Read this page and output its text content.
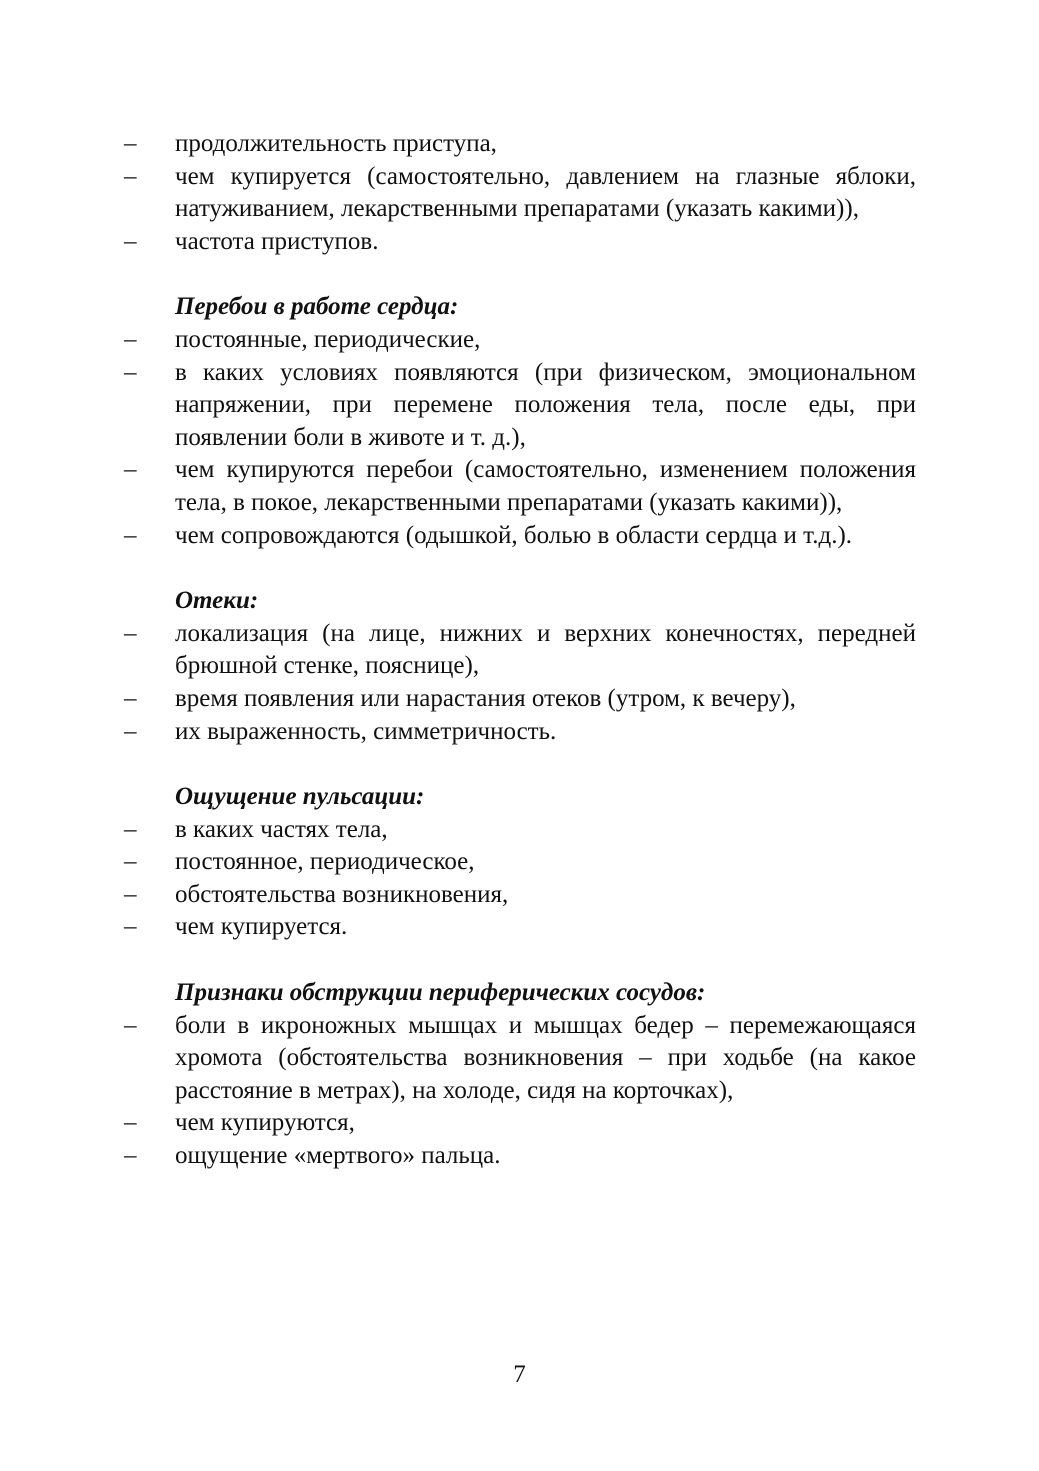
– продолжительность приступа,
– чем купируется (самостоятельно, давлением на глазные яблоки, натуживанием, лекарственными препаратами (указать какими)),
– частота приступов.

Перебои в работе сердца:

– постоянные, периодические,
– в каких условиях появляются (при физическом, эмоциональном напряжении, при перемене положения тела, после еды, при появлении боли в животе и т. д.),
– чем купируются перебои (самостоятельно, изменением положения тела, в покое, лекарственными препаратами (указать какими)),
– чем сопровождаются (одышкой, болью в области сердца и т.д.).

Отеки:

– локализация (на лице, нижних и верхних конечностях, передней брюшной стенке, пояснице),
– время появления или нарастания отеков (утром, к вечеру),
– их выраженность, симметричность.

Ощущение пульсации:

– в каких частях тела,
– постоянное, периодическое,
– обстоятельства возникновения,
– чем купируется.

Признаки обструкции периферических сосудов:

– боли в икроножных мышцах и мышцах бедер – перемежающаяся хромота (обстоятельства возникновения – при ходьбе (на какое расстояние в метрах), на холоде, сидя на корточках),
– чем купируются,
– ощущение «мертвого» пальца.
7
